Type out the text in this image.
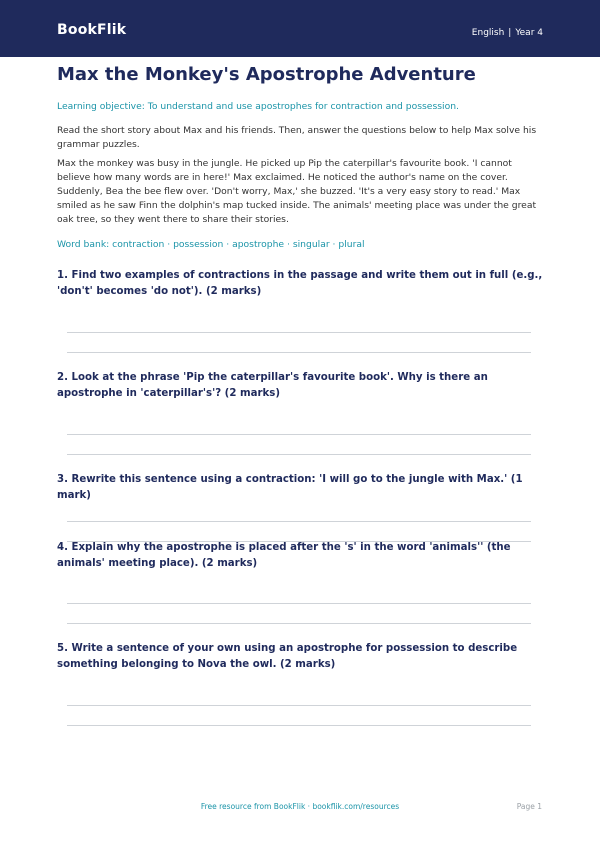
BookFlik	English | Year 4
Max the Monkey's Apostrophe Adventure
Learning objective: To understand and use apostrophes for contraction and possession.
Read the short story about Max and his friends. Then, answer the questions below to help Max solve his grammar puzzles.
Max the monkey was busy in the jungle. He picked up Pip the caterpillar's favourite book. 'I cannot believe how many words are in here!' Max exclaimed. He noticed the author's name on the cover. Suddenly, Bea the bee flew over. 'Don't worry, Max,' she buzzed. 'It's a very easy story to read.' Max smiled as he saw Finn the dolphin's map tucked inside. The animals' meeting place was under the great oak tree, so they went there to share their stories.
Word bank: contraction · possession · apostrophe · singular · plural
1. Find two examples of contractions in the passage and write them out in full (e.g., 'don't' becomes 'do not'). (2 marks)
2. Look at the phrase 'Pip the caterpillar's favourite book'. Why is there an apostrophe in 'caterpillar's'? (2 marks)
3. Rewrite this sentence using a contraction: 'I will go to the jungle with Max.' (1 mark)
4. Explain why the apostrophe is placed after the 's' in the word 'animals'' (the animals' meeting place). (2 marks)
5. Write a sentence of your own using an apostrophe for possession to describe something belonging to Nova the owl. (2 marks)
Free resource from BookFlik · bookflik.com/resources	Page 1
